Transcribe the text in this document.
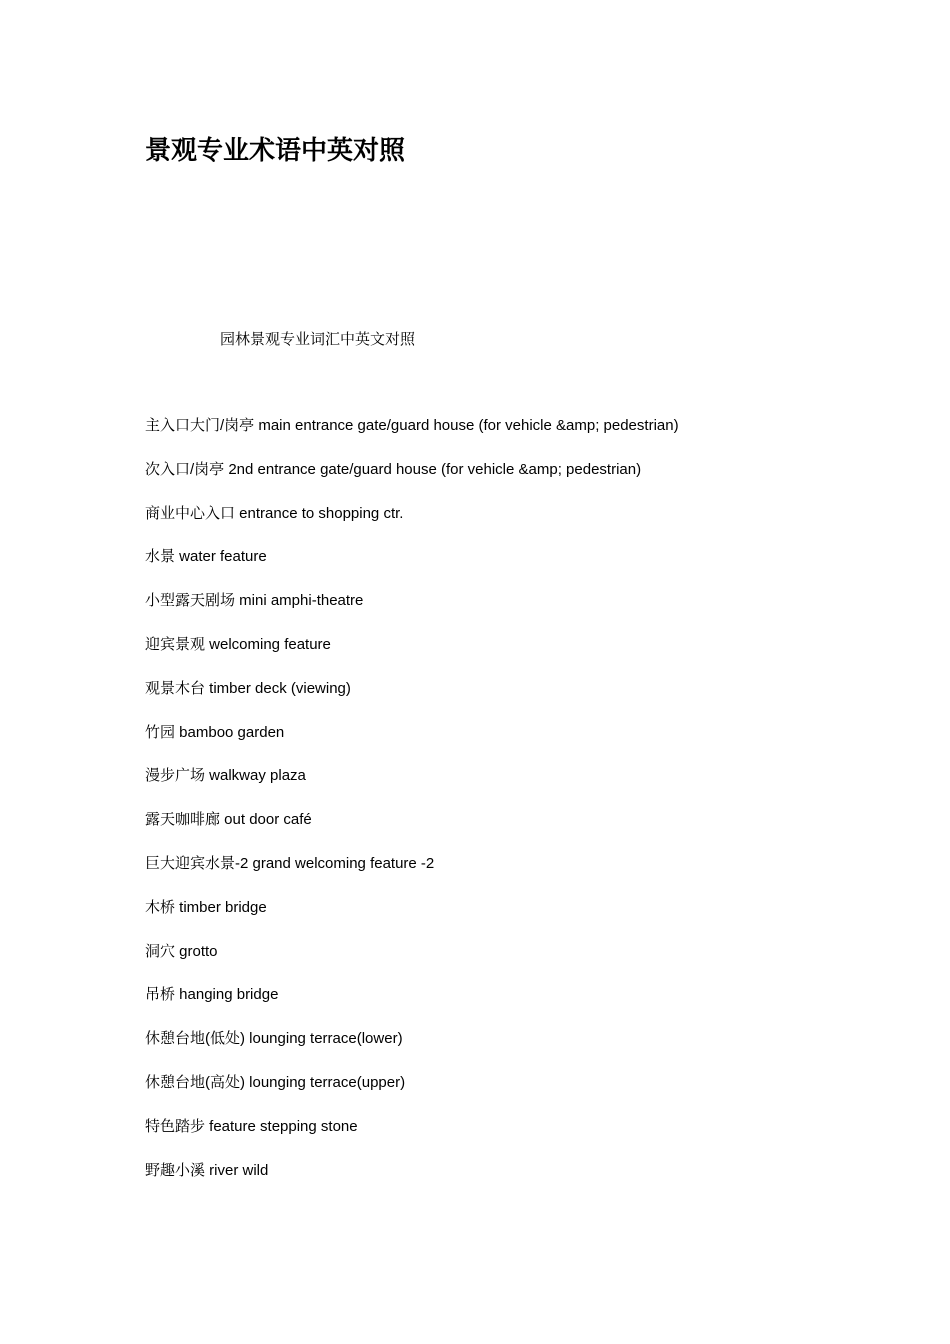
景观专业术语中英对照

园林景观专业词汇中英文对照

主入口大门/岗亭 main entrance gate/guard house (for vehicle &amp; pedestrian)

次入口/岗亭 2nd entrance gate/guard house (for vehicle &amp; pedestrian)

商业中心入口 entrance to shopping ctr.

水景 water feature

小型露天剧场 mini amphi-theatre

迎宾景观 welcoming feature

观景木台 timber deck (viewing)

竹园 bamboo garden

漫步广场 walkway plaza

露天咖啡廊 out door café

巨大迎宾水景-2 grand welcoming feature -2

木桥 timber bridge

洞穴 grotto

吊桥 hanging bridge

休憩台地(低处) lounging terrace(lower)

休憩台地(高处) lounging terrace(upper)

特色踏步 feature stepping stone

野趣小溪 river wild
